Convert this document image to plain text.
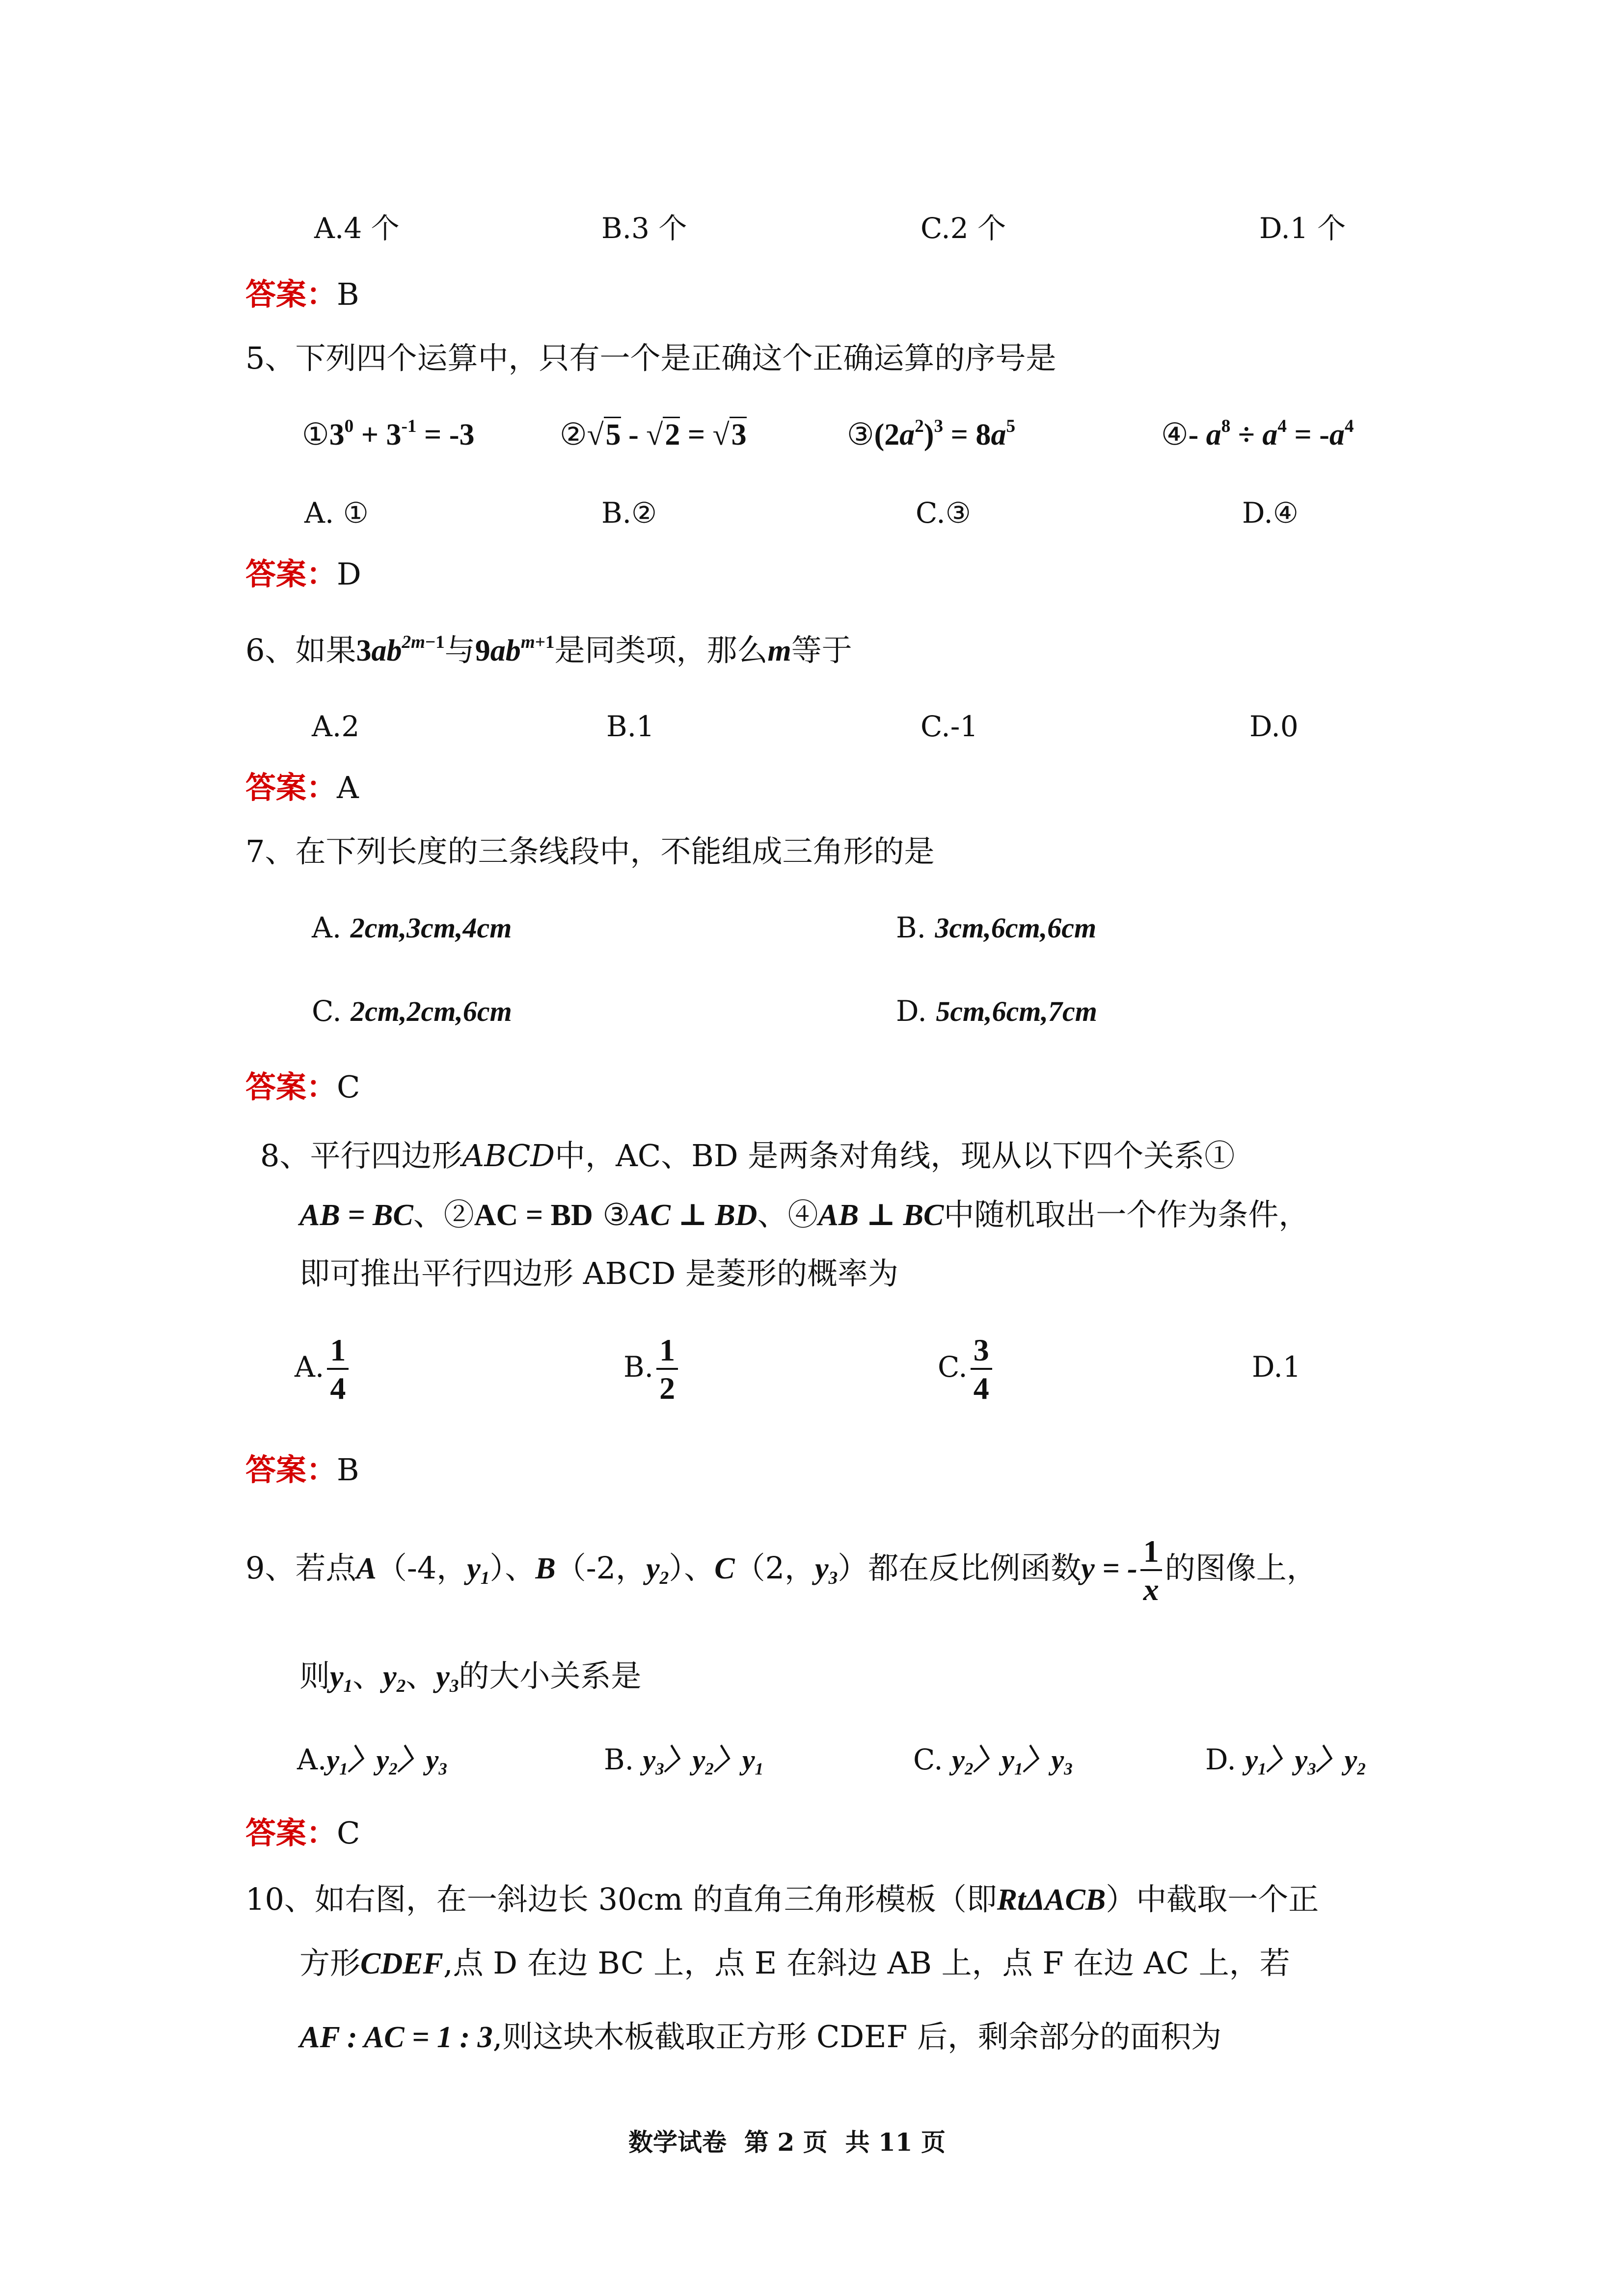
A.4 个	B.3 个	C.2 个	D.1 个
答案：B
5、下列四个运算中，只有一个是正确这个正确运算的序号是
$①3^0 + 3^{-1} = -3$	②√5 - √2 = √3	$③(2a^2)^3 = 8a^5$	④- $a^8 \div a^4 = -a^4$
A. ①	B.②	C.③	D.④
答案：D
6、如果$3ab^{2m-1}$与$9ab^{m+1}$是同类项，那么m等于
A.2	B.1	C.-1	D.0
答案：A
7、在下列长度的三条线段中，不能组成三角形的是
A. 2cm,3cm,4cm	B. 3cm,6cm,6cm
C. 2cm,2cm,6cm	D. 5cm,6cm,7cm
答案：C
8、平行四边形ABCD中，AC、BD 是两条对角线，现从以下四个关系①
AB = BC、②AC = BD ③AC ⊥ BD、④AB ⊥ BC中随机取出一个作为条件，
即可推出平行四边形 ABCD 是菱形的概率为
A. $\frac{1}{4}$	B. $\frac{1}{2}$	C. $\frac{3}{4}$	D.1
答案：B
9、若点A（-4，$y_1$）、B（-2，$y_2$）、C（2，$y_3$）都在反比例函数y = - $\frac{1}{x}$ 的图像上，
则$y_1$、$y_2$、$y_3$的大小关系是
$A.y_1$〉$y_2$〉$y_3$	B. $y_3$〉$y_2$〉$y_1$	C. $y_2$〉$y_1$〉$y_3$	D. $y_1$〉$y_3$〉$y_2$
答案：C
10、如右图，在一斜边长 30cm 的直角三角形模板（即RtΔACB）中截取一个正
方形CDEF,点 D 在边 BC 上，点 E 在斜边 AB 上，点 F 在边 AC 上，若
AF : AC = 1 : 3,则这块木板截取正方形 CDEF 后，剩余部分的面积为
数学试卷 第 2 页 共 11 页
